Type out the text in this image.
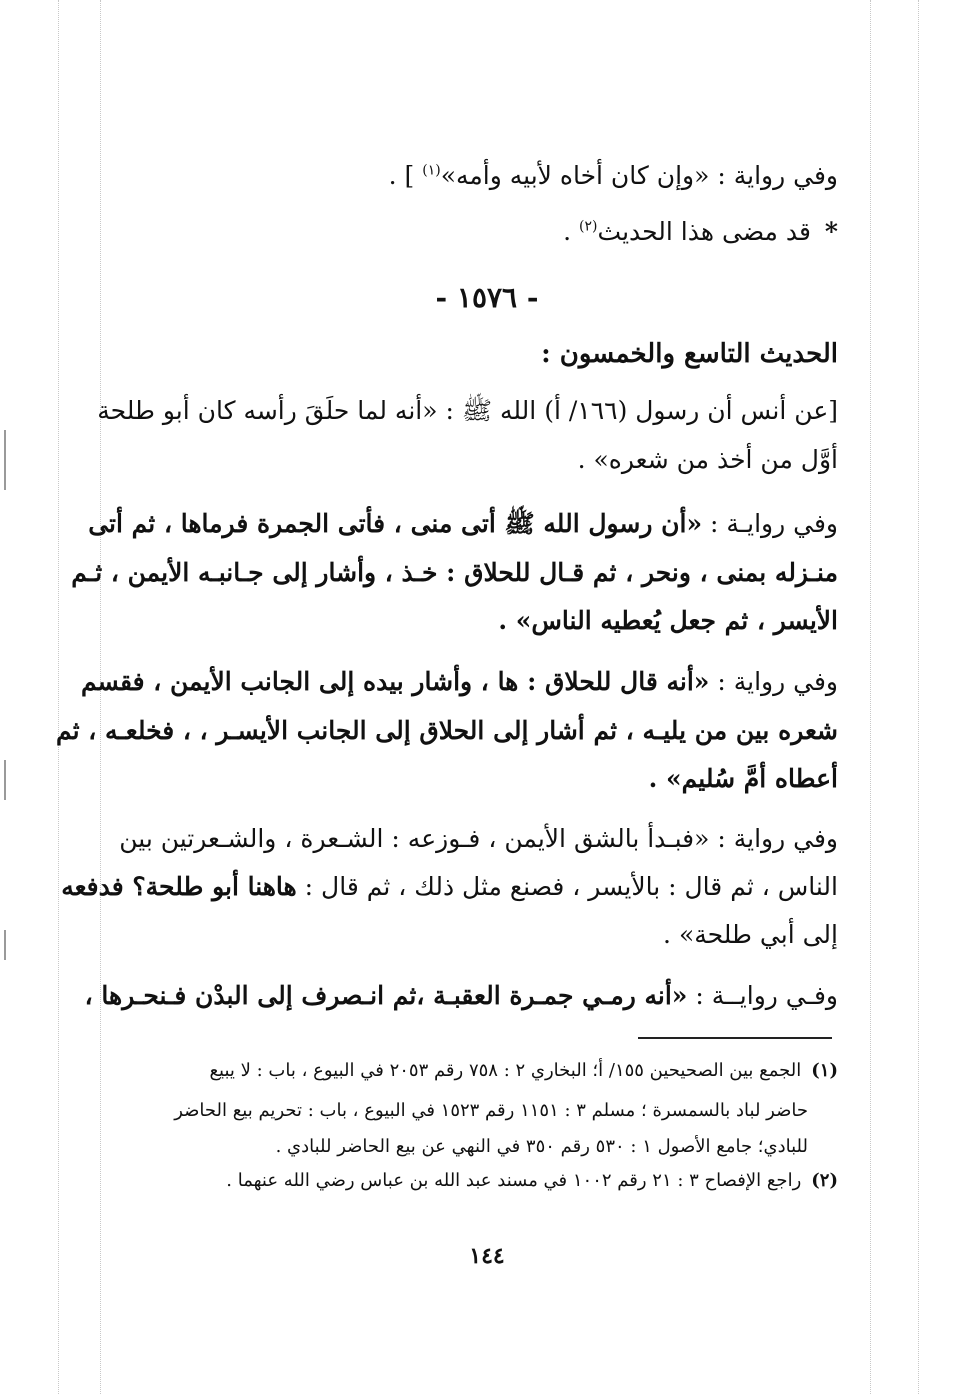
وفي رواية : «وإن كان أخاه لأبيه وأمه»$^{(١)}$ ] .
*قد مضى هذا الحديث$^{(٢)}$ .
الحديث التاسع والخمسون :
[عن أنس أن رسول (١٦٦/ أ) الله ﷺ : «أنه لما حلَقَ رأسه كان أبو طلحة
أوَّل من أخذ من شعره» .
وفي روايـة : «أن رسول الله ﷺ أتى منى ، فأتى الجمرة فرماها ، ثم أتى
منـزله بمنى ، ونحر ، ثم قـال للحلاق : خـذ ، وأشار إلى جـانبـه الأيمن ، ثـم
الأيسر ، ثم جعل يُعطيه الناس» .
وفي رواية : «أنه قال للحلاق : ها ، وأشار بيده إلى الجانب الأيمن ، فقسم
شعره بين من يليـه ، ثم أشار إلى الحلاق إلى الجانب الأيسـر ، ، فخلعـه ، ثم
أعطاه أمَّ سُليم» .
وفي رواية : «فبـدأ بالشق الأيمن ، فـوزعه : الشـعرة ، والشـعرتين بين
الناس ، ثم قال : بالأيسر ، فصنع مثل ذلك ، ثم قال : هاهنا أبو طلحة؟ فدفعه
إلى أبي طلحة» .
وفـي روايــة : «أنه رمـي جمـرة العقبـة ،ثم انـصرف إلى البدْن فـنحـرها ،
- ١٥٧٦ -
(١)الجمع بين الصحيحين ١٥٥/ أ؛ البخاري ٢ : ٧٥٨ رقم ٢٠٥٣ في البيوع ، باب : لا يبيع
حاضر لباد بالسمسرة ؛ مسلم ٣ : ١١٥١ رقم ١٥٢٣ في البيوع ، باب : تحريم بيع الحاضر
للبادي؛ جامع الأصول ١ : ٥٣٠ رقم ٣٥٠ في النهي عن بيع الحاضر للبادي .
(٢)راجع الإفصاح ٣ : ٢١ رقم ١٠٠٢ في مسند عبد الله بن عباس رضي الله عنهما .
١٤٤
